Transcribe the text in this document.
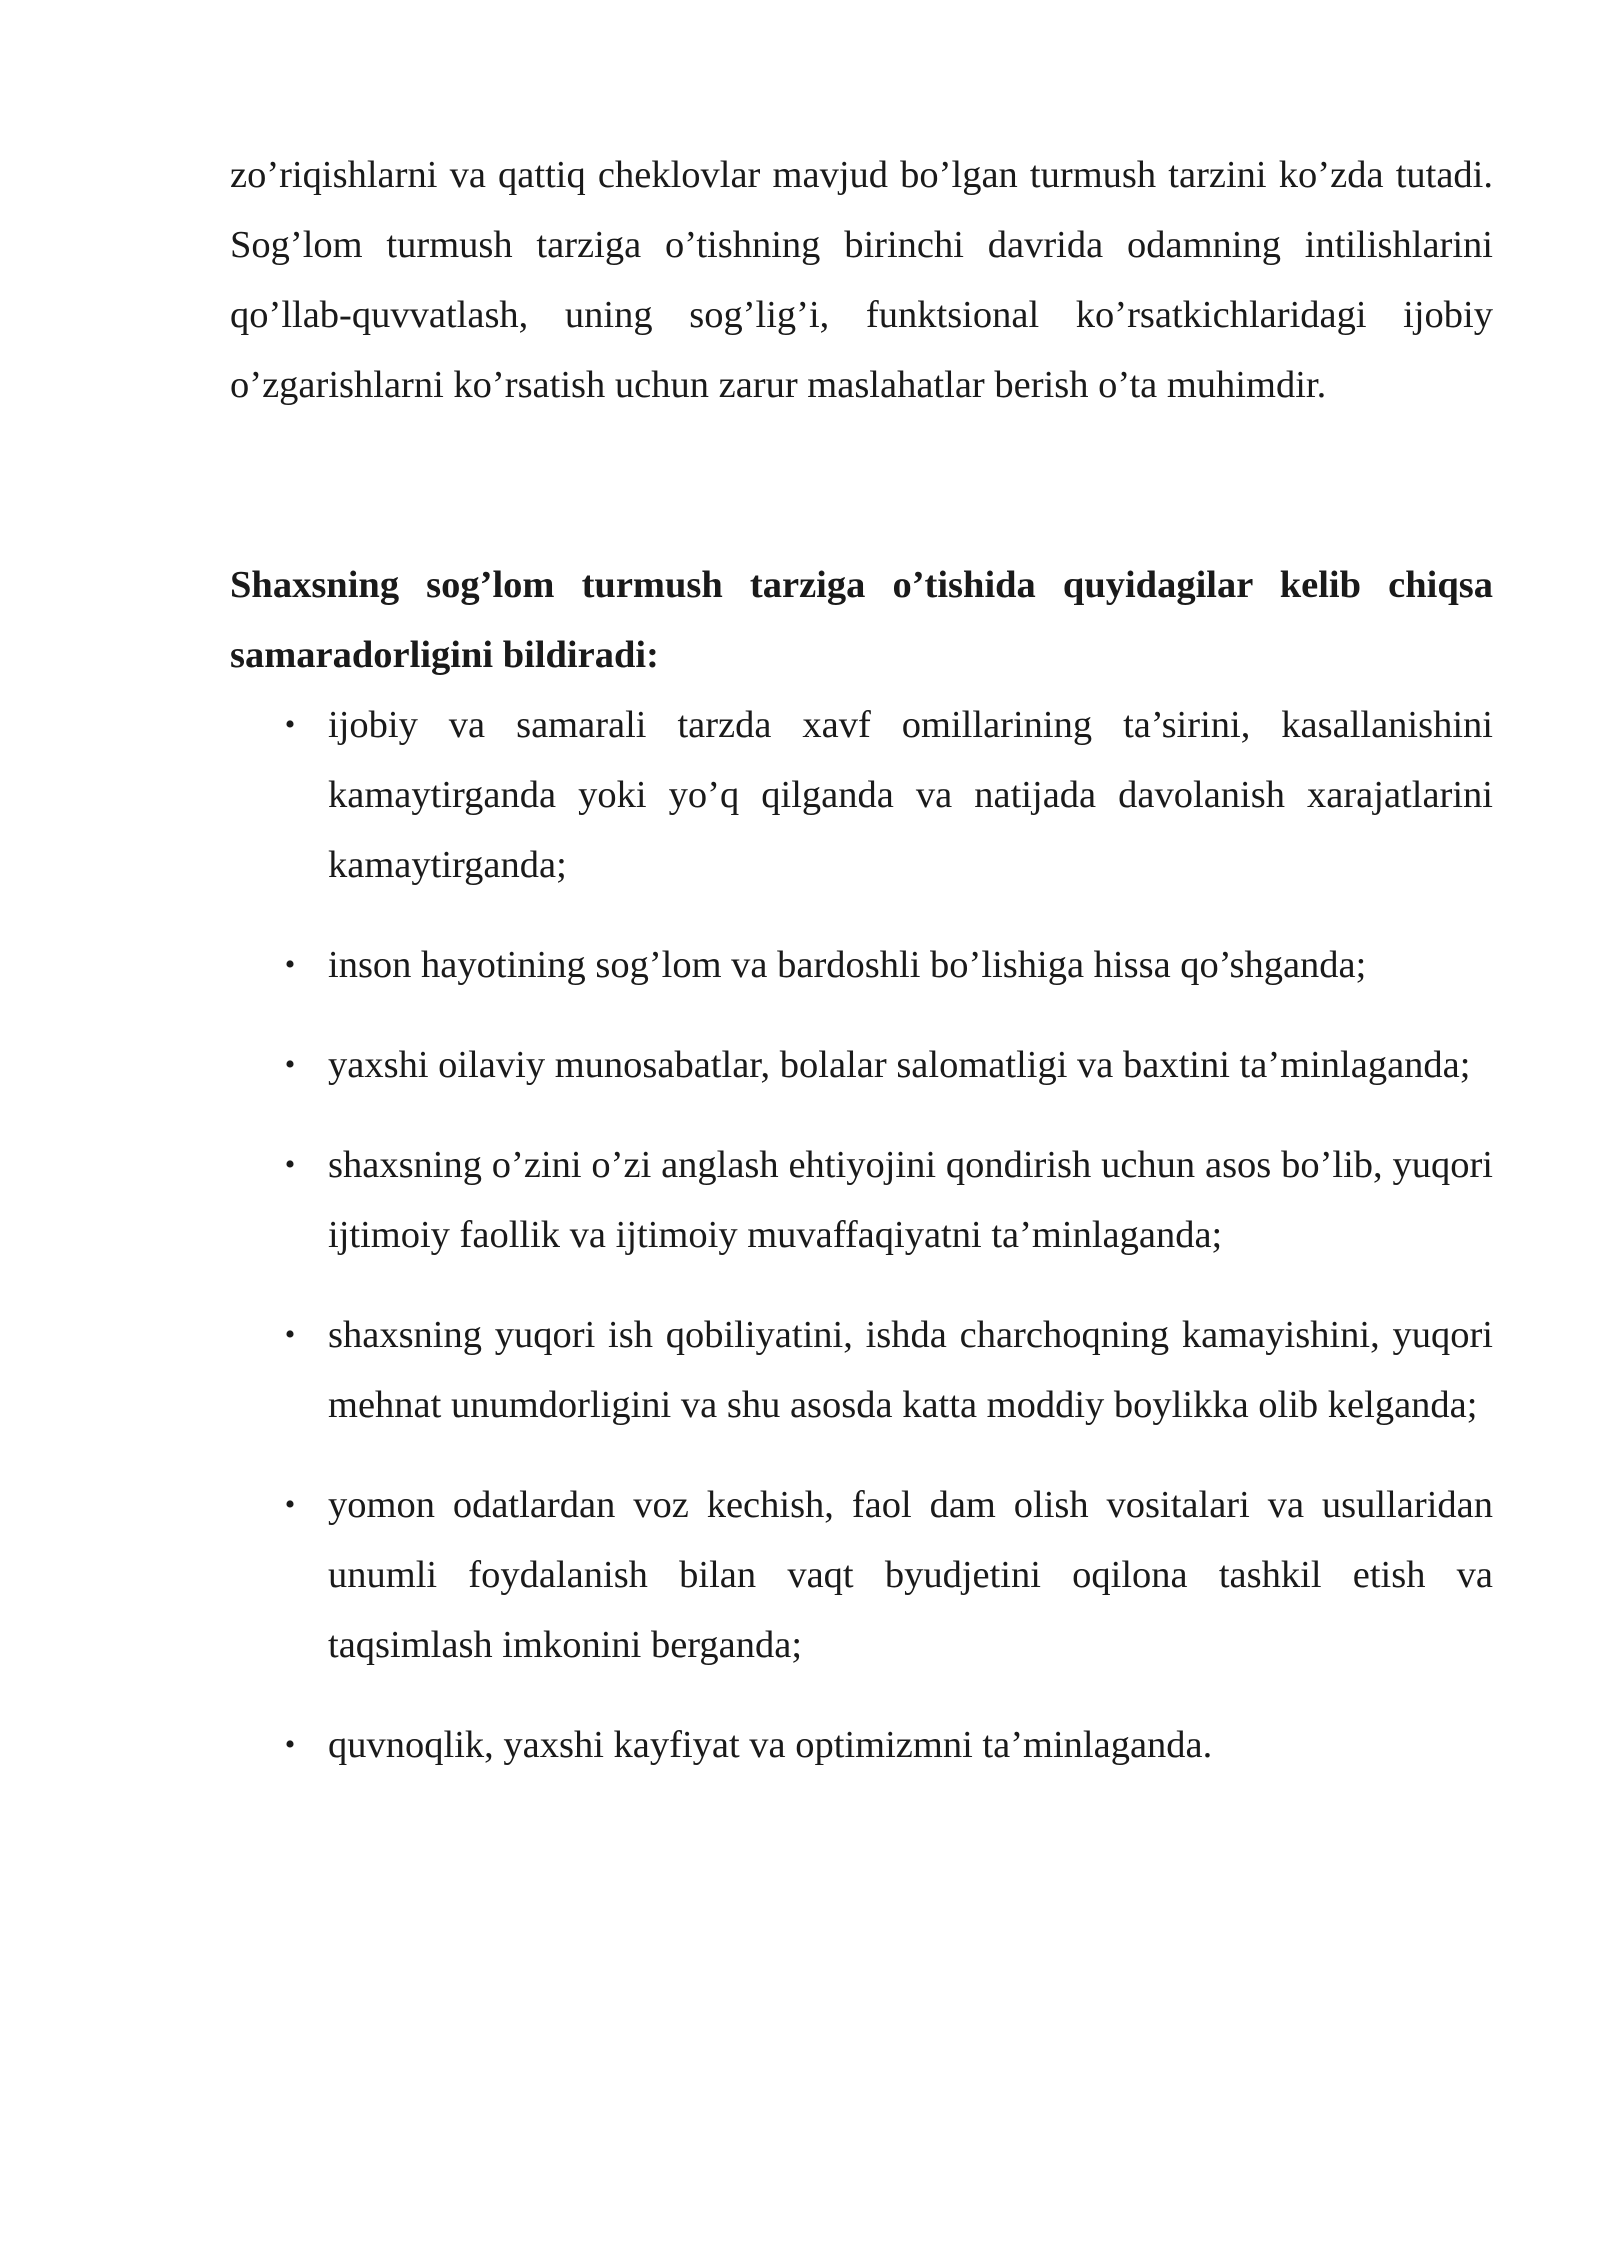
zo’riqishlarni va qattiq cheklovlar mavjud bo’lgan turmush tarzini ko’zda tutadi. Sog’lom turmush tarziga o’tishning birinchi davrida odamning intilishlarini qo’llab-quvvatlash, uning sog’lig’i, funktsional ko’rsatkichlaridagi ijobiy o’zgarishlarni ko’rsatish uchun zarur maslahatlar berish o’ta muhimdir.

Shaxsning sog’lom turmush tarziga o’tishida quyidagilar kelib chiqsa samaradorligini bildiradi:

• ijobiy va samarali tarzda xavf omillarining ta’sirini, kasallanishini kamaytirganda yoki yo’q qilganda va natijada davolanish xarajatlarini kamaytirganda;
• inson hayotining sog’lom va bardoshli bo’lishiga hissa qo’shganda;
• yaxshi oilaviy munosabatlar, bolalar salomatligi va baxtini ta’minlaganda;
• shaxsning o’zini o’zi anglash ehtiyojini qondirish uchun asos bo’lib, yuqori ijtimoiy faollik va ijtimoiy muvaffaqiyatni ta’minlaganda;
• shaxsning yuqori ish qobiliyatini, ishda charchoqning kamayishini, yuqori mehnat unumdorligini va shu asosda katta moddiy boylikka olib kelganda;
• yomon odatlardan voz kechish, faol dam olish vositalari va usullaridan unumli foydalanish bilan vaqt byudjetini oqilona tashkil etish va taqsimlash imkonini berganda;
• quvnoqlik, yaxshi kayfiyat va optimizmni ta’minlaganda.
